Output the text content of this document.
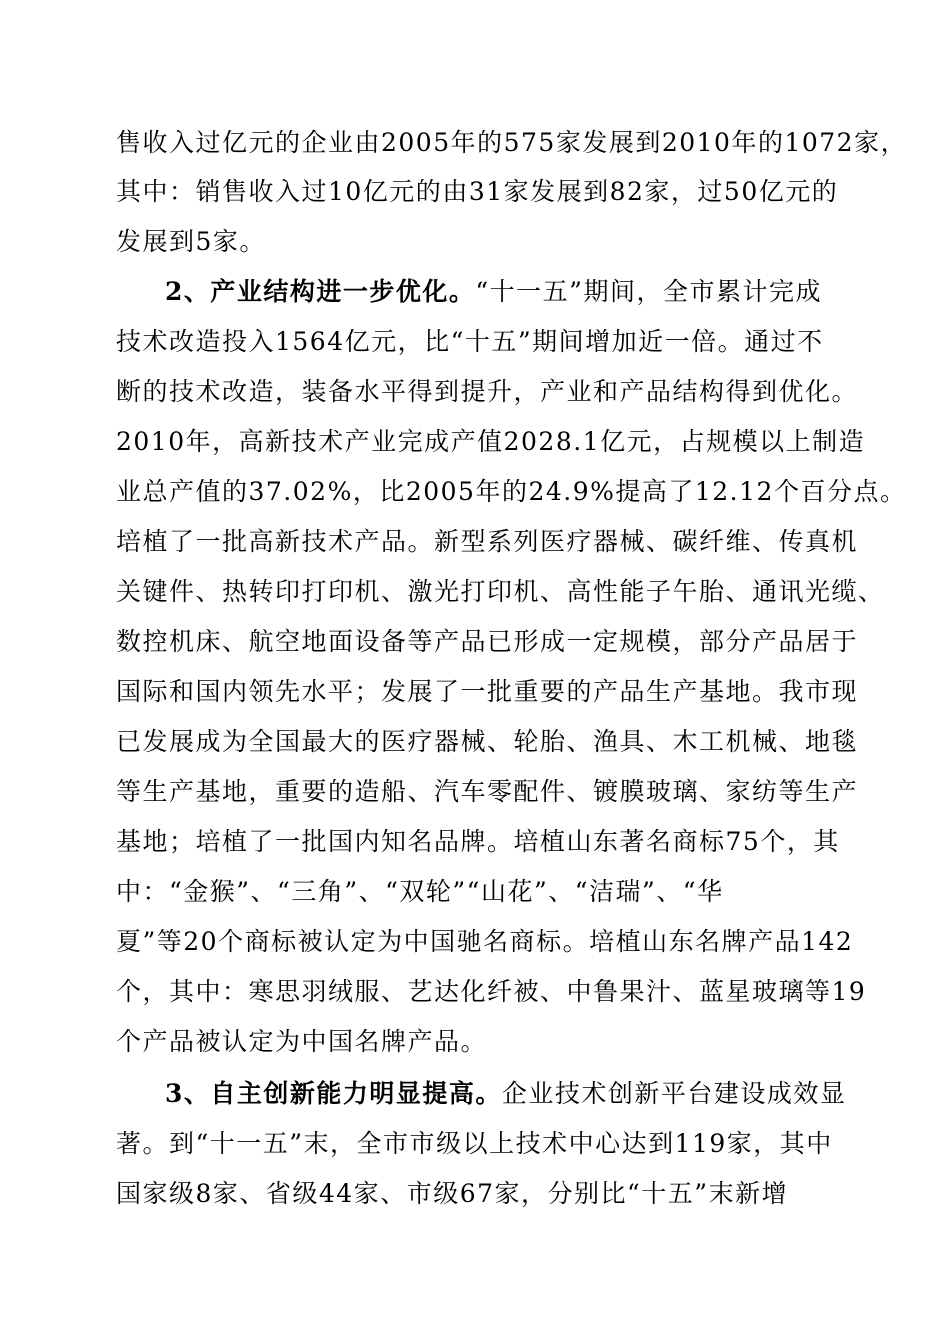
售收入过亿元的企业由2005年的575家发展到2010年的1072家，
其中：销售收入过10亿元的由31家发展到82家，过50亿元的
发展到5家。
2、产业结构进一步优化。“十一五”期间，全市累计完成
技术改造投入1564亿元，比“十五”期间增加近一倍。通过不
断的技术改造，装备水平得到提升，产业和产品结构得到优化。
2010年，高新技术产业完成产值2028.1亿元，占规模以上制造
业总产值的37.02%，比2005年的24.9%提高了12.12个百分点。
培植了一批高新技术产品。新型系列医疗器械、碳纤维、传真机
关键件、热转印打印机、激光打印机、高性能子午胎、通讯光缆、
数控机床、航空地面设备等产品已形成一定规模，部分产品居于
国际和国内领先水平；发展了一批重要的产品生产基地。我市现
已发展成为全国最大的医疗器械、轮胎、渔具、木工机械、地毯
等生产基地，重要的造船、汽车零配件、镀膜玻璃、家纺等生产
基地；培植了一批国内知名品牌。培植山东著名商标75个，其
中：“金猴”、“三角”、“双轮”“山花”、“洁瑞”、“华
夏”等20个商标被认定为中国驰名商标。培植山东名牌产品142
个，其中：寒思羽绒服、艺达化纤被、中鲁果汁、蓝星玻璃等19
个产品被认定为中国名牌产品。
3、自主创新能力明显提高。企业技术创新平台建设成效显
著。到“十一五”末，全市市级以上技术中心达到119家，其中
国家级8家、省级44家、市级67家，分别比“十五”末新增
